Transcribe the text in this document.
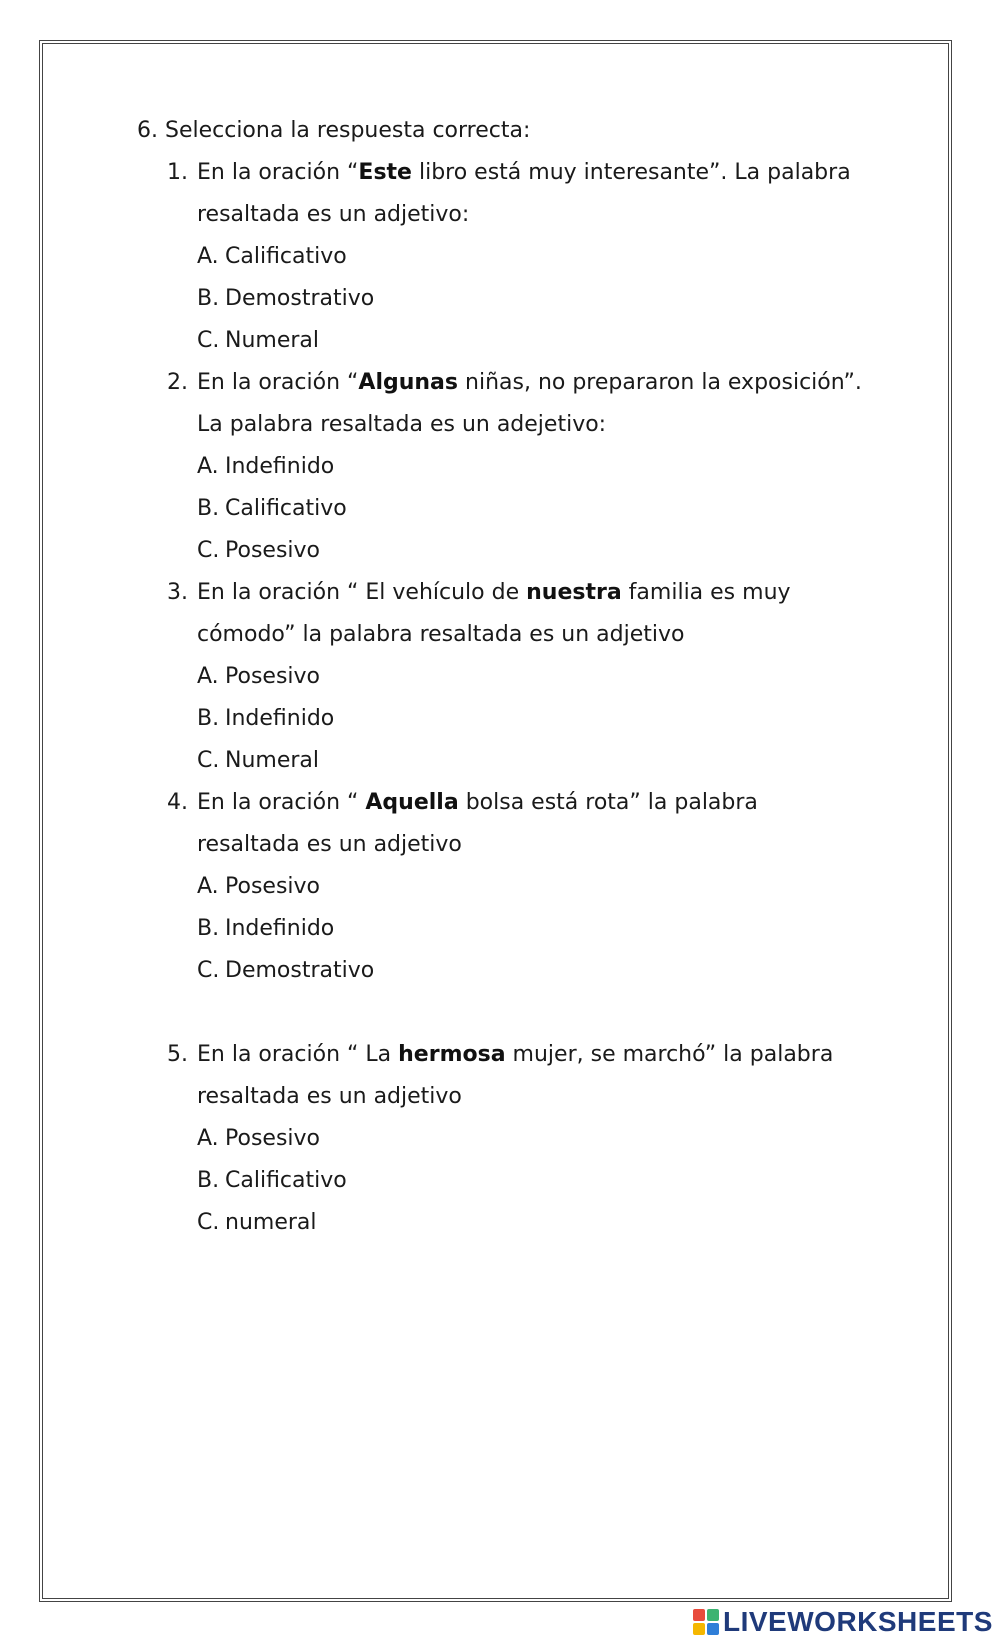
6. Selecciona la respuesta correcta:
1. En la oración “Este libro está muy interesante”. La palabra
resaltada es un adjetivo:
A. Calificativo
B. Demostrativo
C. Numeral
2. En la oración “Algunas niñas, no prepararon la exposición”.
La palabra resaltada es un adejetivo:
A. Indefinido
B. Calificativo
C. Posesivo
3. En la oración “ El vehículo de nuestra familia es muy
cómodo” la palabra resaltada es un adjetivo
A. Posesivo
B. Indefinido
C. Numeral
4. En la oración “ Aquella bolsa está rota” la palabra
resaltada es un adjetivo
A. Posesivo
B. Indefinido
C. Demostrativo
5. En la oración “ La hermosa mujer, se marchó” la palabra
resaltada es un adjetivo
A. Posesivo
B. Calificativo
C. numeral
LIVEWORKSHEETS
